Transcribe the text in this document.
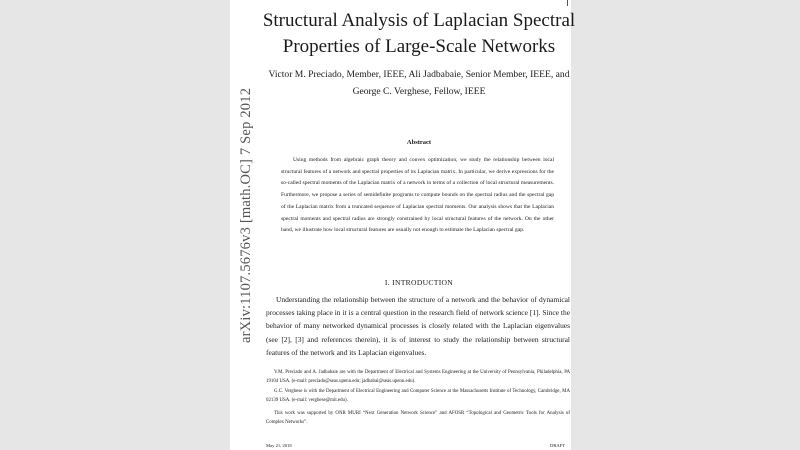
arXiv:1107.5676v3 [math.OC] 7 Sep 2012
Structural Analysis of Laplacian Spectral
Properties of Large-Scale Networks
Victor M. Preciado, Member, IEEE, Ali Jadbabaie, Senior Member, IEEE, and
George C. Verghese, Fellow, IEEE
Abstract
Using methods from algebraic graph theory and convex optimization, we study the relationship between local structural features of a network and spectral properties of its Laplacian matrix. In particular, we derive expressions for the so-called spectral moments of the Laplacian matrix of a network in terms of a collection of local structural measurements. Furthermore, we propose a series of semidefinite programs to compute bounds on the spectral radius and the spectral gap of the Laplacian matrix from a truncated sequence of Laplacian spectral moments. Our analysis shows that the Laplacian spectral moments and spectral radius are strongly constrained by local structural features of the network. On the other hand, we illustrate how local structural features are usually not enough to estimate the Laplacian spectral gap.
I. INTRODUCTION
Understanding the relationship between the structure of a network and the behavior of dynamical processes taking place in it is a central question in the research field of network science [1]. Since the behavior of many networked dynamical processes is closely related with the Laplacian eigenvalues (see [2], [3] and references therein), it is of interest to study the relationship between structural features of the network and its Laplacian eigenvalues.
V.M. Preciado and A. Jadbabaie are with the Department of Electrical and Systems Engineering at the University of Pennsylvania, Philadelphia, PA 19104 USA. (e-mail: preciado@seas.upenn.edu; jadbabai@seas.upenn.edu).
G.C. Verghese is with the Department of Electrical Engineering and Computer Science at the Massachusetts Institute of Technology, Cambridge, MA 02139 USA. (e-mail: verghese@mit.edu).
This work was supported by ONR MURI “Next Generation Network Science” and AFOSR “Topological and Geometric Tools for Analysis of Complex Networks”.
May 21, 2018	DRAFT
